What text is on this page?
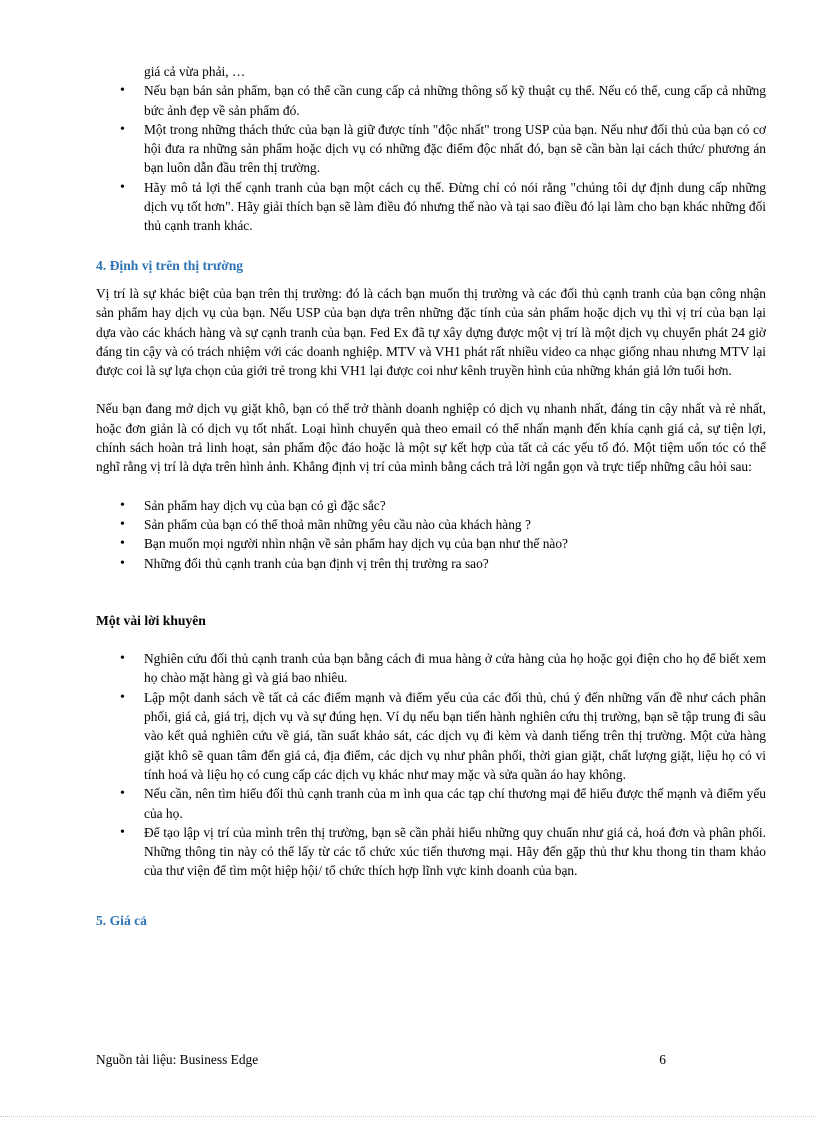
giá cả vừa phải, …
• Nếu bạn bán sản phẩm, bạn có thể cần cung cấp cả những thông số kỹ thuật cụ thể. Nếu có thể, cung cấp cả những bức ảnh đẹp về sản phẩm đó.
• Một trong những thách thức của bạn là giữ được tính "độc nhất" trong USP của bạn. Nếu như đối thủ của bạn có cơ hội đưa ra những sản phẩm hoặc dịch vụ có những đặc điểm độc nhất đó, bạn sẽ cần bàn lại cách thức/ phương án bạn luôn dẫn đầu trên thị trường.
• Hãy mô tả lợi thế cạnh tranh của bạn một cách cụ thể. Đừng chỉ có nói rằng "chúng tôi dự định dung cấp những dịch vụ tốt hơn". Hãy giải thích bạn sẽ làm điều đó nhưng thế nào và tại sao điều đó lại làm cho bạn khác những đối thủ cạnh tranh khác.
4. Định vị trên thị trường

Vị trí là sự khác biệt của bạn trên thị trường: đó là cách bạn muốn thị trường và các đối thủ cạnh tranh của bạn công nhận sản phẩm hay dịch vụ của bạn. Nếu USP của bạn dựa trên những đặc tính của sản phẩm hoặc dịch vụ thì vị trí của bạn lại dựa vào các khách hàng và sự cạnh tranh của bạn. Fed Ex đã tự xây dựng được một vị trí là một dịch vụ chuyển phát 24 giờ đáng tin cậy và có trách nhiệm với các doanh nghiệp. MTV và VH1 phát rất nhiều video ca nhạc giống nhau nhưng MTV lại được coi là sự lựa chọn của giới trẻ trong khi VH1 lại được coi như kênh truyền hình của những khán giả lớn tuổi hơn.

Nếu bạn đang mở dịch vụ giặt khô, bạn có thể trở thành doanh nghiệp có dịch vụ nhanh nhất, đáng tin cậy nhất và rẻ nhất, hoặc đơn giản là có dịch vụ tốt nhất. Loại hình chuyển quà theo email có thể nhấn mạnh đến khía cạnh giá cả, sự tiện lợi, chính sách hoàn trả linh hoạt, sản phẩm độc đáo hoặc là một sự kết hợp của tất cả các yếu tố đó. Một tiệm uốn tóc có thể nghĩ rằng vị trí là dựa trên hình ảnh. Khẳng định vị trí của mình bằng cách trả lời ngắn gọn và trực tiếp những câu hỏi sau:

• Sản phẩm hay dịch vụ của bạn có gì đặc sắc?
• Sản phẩm của bạn có thể thoả mãn những yêu cầu nào của khách hàng ?
• Bạn muốn mọi người nhìn nhận về sản phẩm hay dịch vụ của bạn như thế nào?
• Những đối thủ cạnh tranh của bạn định vị trên thị trường ra sao?
Một vài lời khuyên
• Nghiên cứu đối thủ cạnh tranh của bạn bằng cách đi mua hàng ở cửa hàng của họ hoặc gọi điện cho họ để biết xem họ chào mặt hàng gì và giá bao nhiêu.
• Lập một danh sách về tất cả các điểm mạnh và điểm yếu của các đối thủ, chú ý đến những vấn đề như cách phân phối, giá cả, giá trị, dịch vụ và sự đúng hẹn. Ví dụ nếu bạn tiến hành nghiên cứu thị trường, bạn sẽ tập trung đi sâu vào kết quả nghiên cứu về giá, tần suất khảo sát, các dịch vụ đi kèm và danh tiếng trên thị trường. Một cửa hàng giặt khô sẽ quan tâm đến giá cả, địa điểm, các dịch vụ như phân phối, thời gian giặt, chất lượng giặt, liệu họ có vi tính hoá và liệu họ có cung cấp các dịch vụ khác như may mặc và sửa quần áo hay không.
• Nếu cần, nên tìm hiểu đối thủ cạnh tranh của m ình qua các tạp chí thương mại để hiểu được thế mạnh và điểm yếu của họ.
• Để tạo lập vị trí của mình trên thị trường, bạn sẽ cần phải hiểu những quy chuẩn như giá cả, hoá đơn và phân phối. Những thông tin này có thể lấy từ các tổ chức xúc tiến thương mại. Hãy đến gặp thủ thư khu thong tin tham khảo của thư viện để tìm một hiệp hội/ tổ chức thích hợp lĩnh vực kinh doanh của bạn.
5. Giá cả
Nguồn tài liệu: Business Edge	6
